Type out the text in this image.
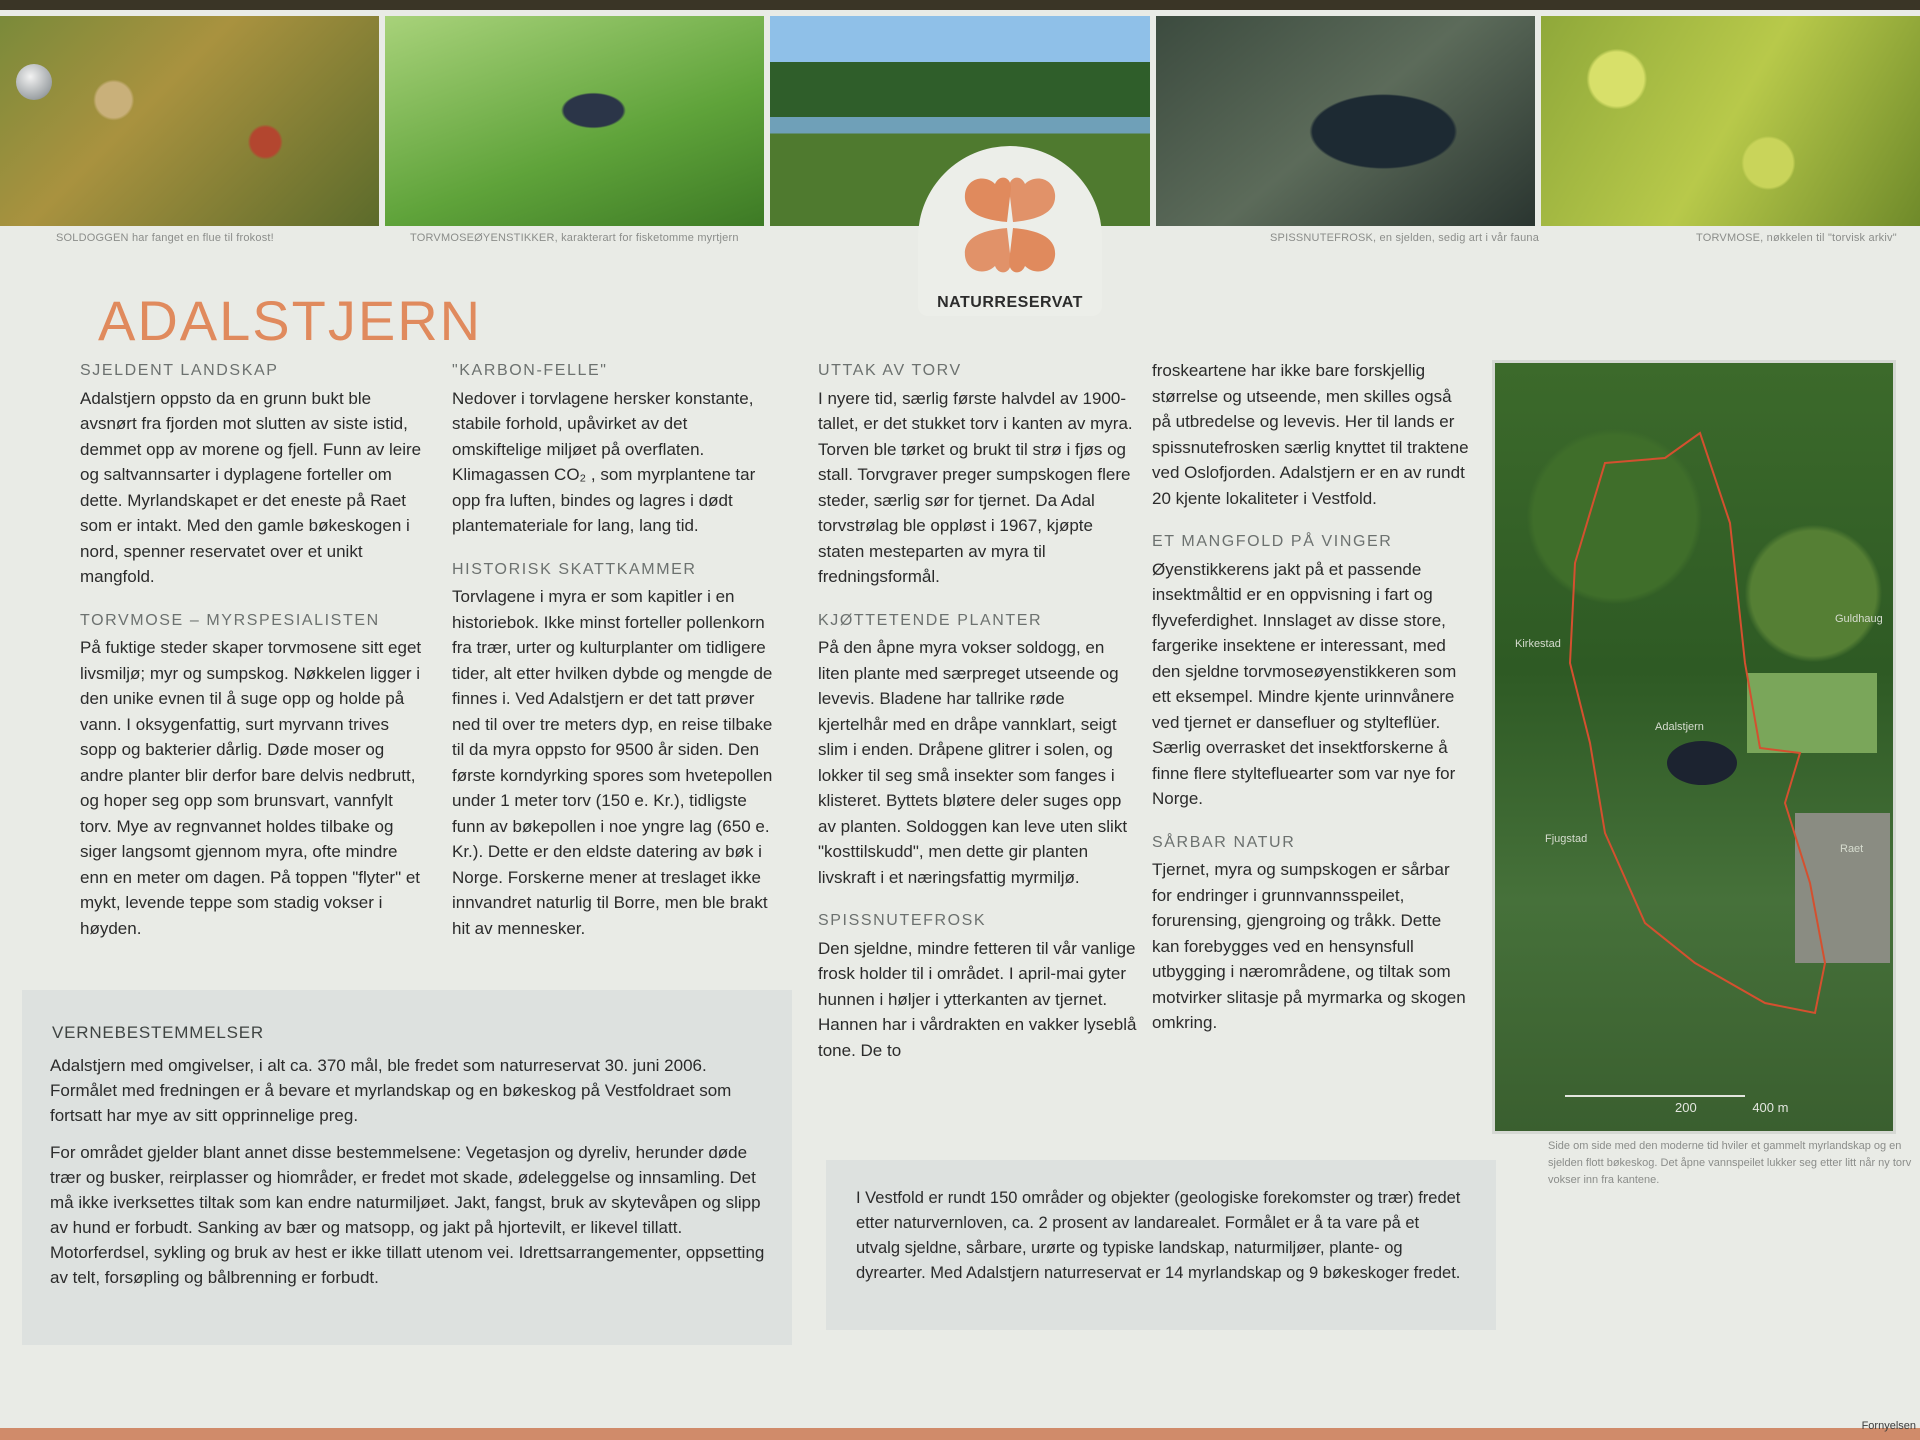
SOLDOGGEN har fanget en flue til frokost!	TORVMOSEØYENSTIKKER, karakterart for fisketomme myrtjern	SPISSNUTEFROSK, en sjelden, sedig art i vår fauna	TORVMOSE, nøkkelen til "torvisk arkiv"
NATURRESERVAT
ADALSTJERN
SJELDENT LANDSKAP

Adalstjern oppsto da en grunn bukt ble avsnørt fra fjorden mot slutten av siste istid, demmet opp av morene og fjell. Funn av leire og saltvannsarter i dyplagene forteller om dette. Myrlandskapet er det eneste på Raet som er intakt. Med den gamle bøkeskogen i nord, spenner reservatet over et unikt mangfold.

TORVMOSE – MYRSPESIALISTEN

På fuktige steder skaper torvmosene sitt eget livsmiljø; myr og sumpskog. Nøkkelen ligger i den unike evnen til å suge opp og holde på vann. I oksygenfattig, surt myrvann trives sopp og bakterier dårlig. Døde moser og andre planter blir derfor bare delvis nedbrutt, og hoper seg opp som brunsvart, vannfylt torv. Mye av regnvannet holdes tilbake og siger langsomt gjennom myra, ofte mindre enn en meter om dagen. På toppen "flyter" et mykt, levende teppe som stadig vokser i høyden.

"KARBON-FELLE"

Nedover i torvlagene hersker konstante, stabile forhold, upåvirket av det omskiftelige miljøet på overflaten. Klimagassen CO₂ , som myrplantene tar opp fra luften, bindes og lagres i dødt plantemateriale for lang, lang tid.

HISTORISK SKATTKAMMER

Torvlagene i myra er som kapitler i en historiebok. Ikke minst forteller pollenkorn fra trær, urter og kulturplanter om tidligere tider, alt etter hvilken dybde og mengde de finnes i. Ved Adalstjern er det tatt prøver ned til over tre meters dyp, en reise tilbake til da myra oppsto for 9500 år siden. Den første korndyrking spores som hvetepollen under 1 meter torv (150 e. Kr.), tidligste funn av bøkepollen i noe yngre lag (650 e. Kr.). Dette er den eldste datering av bøk i Norge. Forskerne mener at treslaget ikke innvandret naturlig til Borre, men ble brakt hit av mennesker.

UTTAK AV TORV

I nyere tid, særlig første halvdel av 1900-tallet, er det stukket torv i kanten av myra. Torven ble tørket og brukt til strø i fjøs og stall. Torvgraver preger sumpskogen flere steder, særlig sør for tjernet. Da Adal torvstrølag ble oppløst i 1967, kjøpte staten mesteparten av myra til fredningsformål.

KJØTTETENDE PLANTER

På den åpne myra vokser soldogg, en liten plante med særpreget utseende og levevis. Bladene har tallrike røde kjertelhår med en dråpe vannklart, seigt slim i enden. Dråpene glitrer i solen, og lokker til seg små insekter som fanges i klisteret. Byttets bløtere deler suges opp av planten. Soldoggen kan leve uten slikt "kosttilskudd", men dette gir planten livskraft i et næringsfattig myrmiljø.

SPISSNUTEFROSK

Den sjeldne, mindre fetteren til vår vanlige frosk holder til i området. I april-mai gyter hunnen i høljer i ytterkanten av tjernet. Hannen har i vårdrakten en vakker lyseblå tone. De to

froskeartene har ikke bare forskjellig størrelse og utseende, men skilles også på utbredelse og levevis. Her til lands er spissnutefrosken særlig knyttet til traktene ved Oslofjorden. Adalstjern er en av rundt 20 kjente lokaliteter i Vestfold.

ET MANGFOLD PÅ VINGER

Øyenstikkerens jakt på et passende insektmåltid er en oppvisning i fart og flyveferdighet. Innslaget av disse store, fargerike insektene er interessant, med den sjeldne torvmoseøyenstikkeren som ett eksempel. Mindre kjente urinnvånere ved tjernet er dansefluer og stylteflüer. Særlig overrasket det insektforskerne å finne flere styltefluearter som var nye for Norge.

SÅRBAR NATUR

Tjernet, myra og sumpskogen er sårbar for endringer i grunnvannsspeilet, forurensing, gjengroing og tråkk. Dette kan forebygges ved en hensynsfull utbygging i nærområdene, og tiltak som motvirker slitasje på myrmarka og skogen omkring.

VERNEBESTEMMELSER

Adalstjern med omgivelser, i alt ca. 370 mål, ble fredet som naturreservat 30. juni 2006. Formålet med fredningen er å bevare et myrlandskap og en bøkeskog på Vestfoldraet som fortsatt har mye av sitt opprinnelige preg.

For området gjelder blant annet disse bestemmelsene: Vegetasjon og dyreliv, herunder døde trær og busker, reirplasser og hiområder, er fredet mot skade, ødeleggelse og innsamling. Det må ikke iverksettes tiltak som kan endre naturmiljøet. Jakt, fangst, bruk av skytevåpen og slipp av hund er forbudt. Sanking av bær og matsopp, og jakt på hjortevilt, er likevel tillatt. Motorferdsel, sykling og bruk av hest er ikke tillatt utenom vei. Idrettsarrangementer, oppsetting av telt, forsøpling og bålbrenning er forbudt.

I Vestfold er rundt 150 områder og objekter (geologiske forekomster og trær) fredet etter naturvernloven, ca. 2 prosent av landarealet. Formålet er å ta vare på et utvalg sjeldne, sårbare, urørte og typiske landskap, naturmiljøer, plante- og dyrearter. Med Adalstjern naturreservat er 14 myrlandskap og 9 bøkeskoger fredet.

Kirkestad
Adalstjern
Guldhaug
Fjugstad
Raet

200	400 m
Side om side med den moderne tid hviler et gammelt myrlandskap og en sjelden flott bøkeskog. Det åpne vannspeilet lukker seg etter litt når ny torv vokser inn fra kantene.
Fornyelsen
